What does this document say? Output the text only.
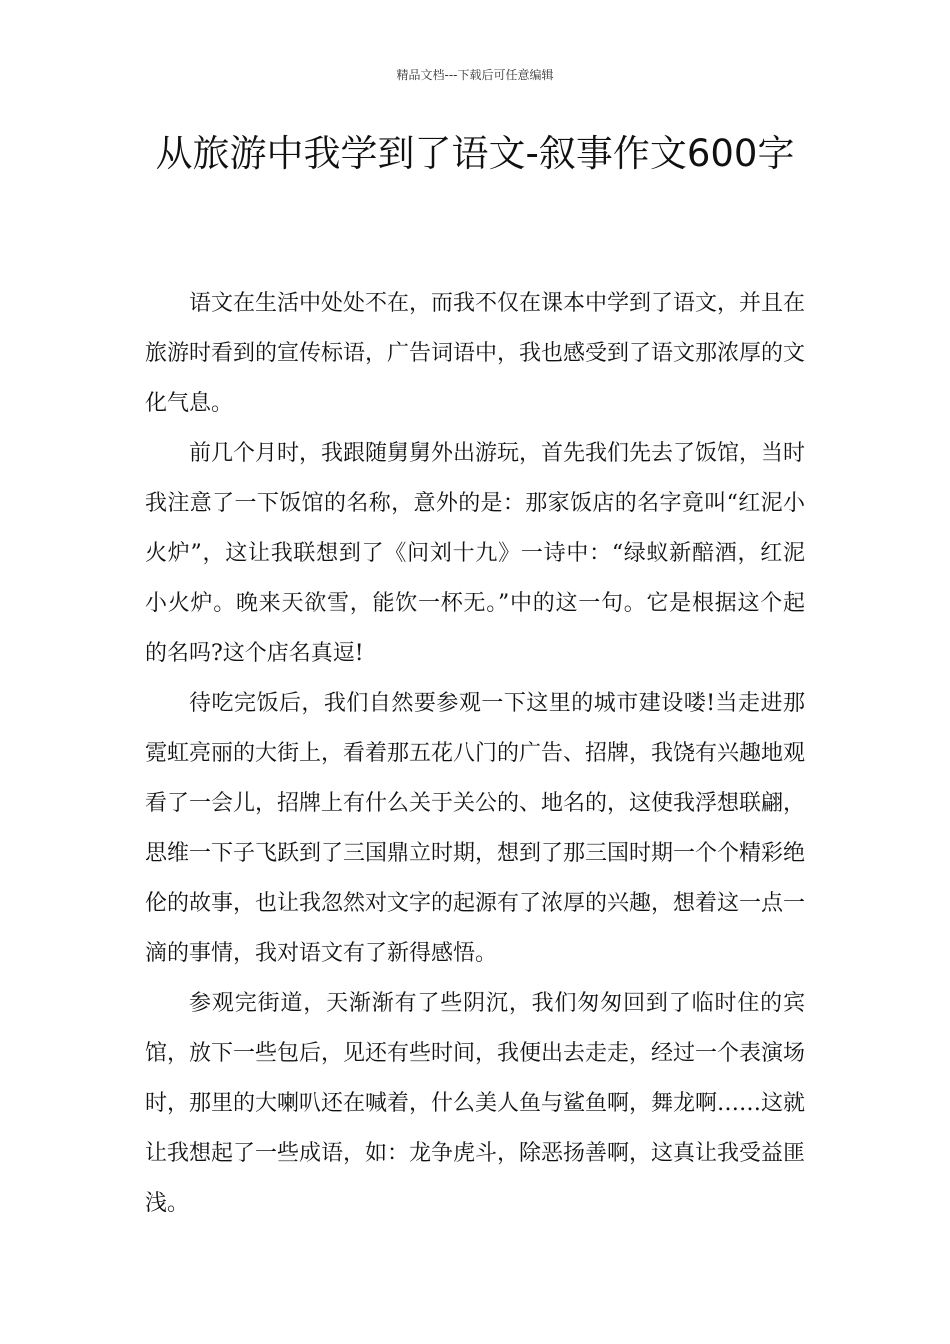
精品文档---下载后可任意编辑
从旅游中我学到了语文-叙事作文600字

语文在生活中处处不在，而我不仅在课本中学到了语文，并且在旅游时看到的宣传标语，广告词语中，我也感受到了语文那浓厚的文化气息。

前几个月时，我跟随舅舅外出游玩，首先我们先去了饭馆，当时我注意了一下饭馆的名称，意外的是：那家饭店的名字竟叫“红泥小火炉”，这让我联想到了《问刘十九》一诗中：“绿蚁新醅酒，红泥小火炉。晚来天欲雪，能饮一杯无。”中的这一句。它是根据这个起的名吗?这个店名真逗!

待吃完饭后，我们自然要参观一下这里的城市建设喽!当走进那霓虹亮丽的大街上，看着那五花八门的广告、招牌，我饶有兴趣地观看了一会儿，招牌上有什么关于关公的、地名的，这使我浮想联翩，思维一下子飞跃到了三国鼎立时期，想到了那三国时期一个个精彩绝伦的故事，也让我忽然对文字的起源有了浓厚的兴趣，想着这一点一滴的事情，我对语文有了新得感悟。

参观完街道，天渐渐有了些阴沉，我们匆匆回到了临时住的宾馆，放下一些包后，见还有些时间，我便出去走走，经过一个表演场时，那里的大喇叭还在喊着，什么美人鱼与鲨鱼啊，舞龙啊……这就让我想起了一些成语，如：龙争虎斗，除恶扬善啊，这真让我受益匪浅。
